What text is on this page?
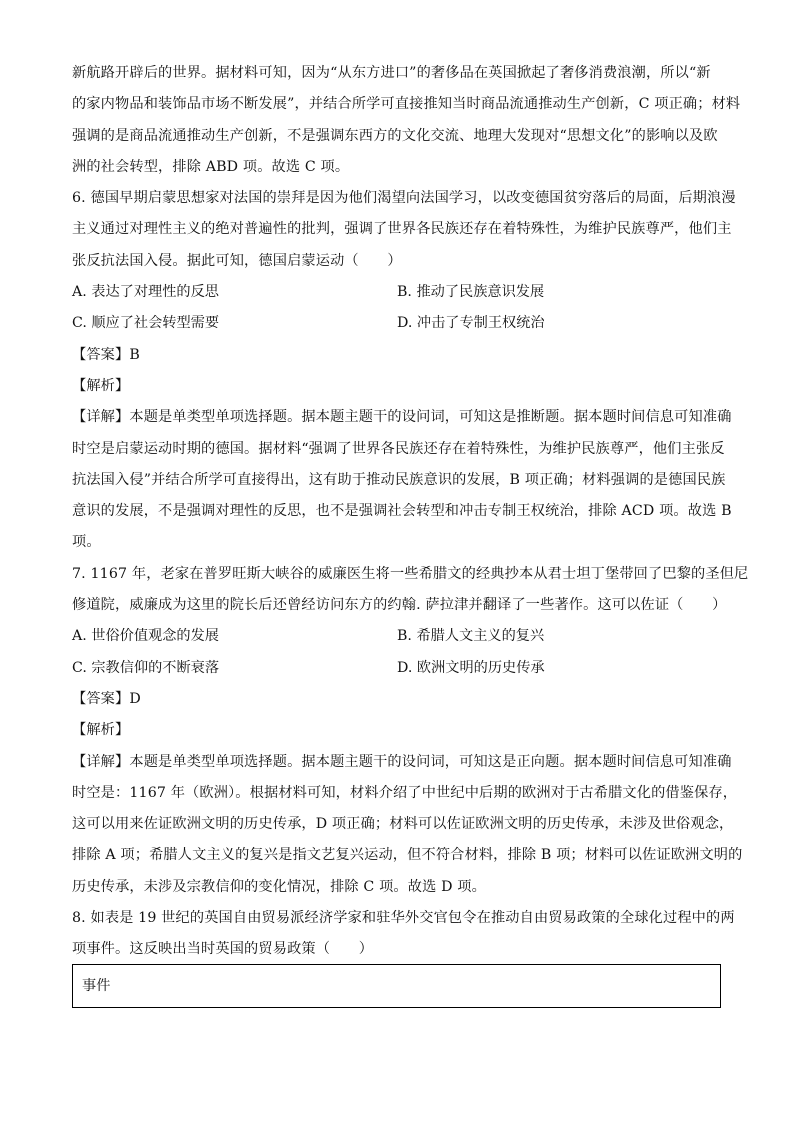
新航路开辟后的世界。据材料可知，因为“从东方进口”的奢侈品在英国掀起了奢侈消费浪潮，所以“新
的家内物品和装饰品市场不断发展”，并结合所学可直接推知当时商品流通推动生产创新，C 项正确；材料
强调的是商品流通推动生产创新，不是强调东西方的文化交流、地理大发现对“思想文化”的影响以及欧
洲的社会转型，排除 ABD 项。故选 C 项。
6. 德国早期启蒙思想家对法国的崇拜是因为他们渴望向法国学习，以改变德国贫穷落后的局面，后期浪漫
主义通过对理性主义的绝对普遍性的批判，强调了世界各民族还存在着特殊性，为维护民族尊严，他们主
张反抗法国入侵。据此可知，德国启蒙运动（　　）
A. 表达了对理性的反思	B. 推动了民族意识发展
C. 顺应了社会转型需要	D. 冲击了专制王权统治
【答案】B
【解析】
【详解】本题是单类型单项选择题。据本题主题干的设问词，可知这是推断题。据本题时间信息可知准确
时空是启蒙运动时期的德国。据材料“强调了世界各民族还存在着特殊性，为维护民族尊严，他们主张反
抗法国入侵”并结合所学可直接得出，这有助于推动民族意识的发展，B 项正确；材料强调的是德国民族
意识的发展，不是强调对理性的反思，也不是强调社会转型和冲击专制王权统治，排除 ACD 项。故选 B
项。
7. 1167 年，老家在普罗旺斯大峡谷的威廉医生将一些希腊文的经典抄本从君士坦丁堡带回了巴黎的圣但尼
修道院，威廉成为这里的院长后还曾经访问东方的约翰. 萨拉津并翻译了一些著作。这可以佐证（　　）
A. 世俗价值观念的发展	B. 希腊人文主义的复兴
C. 宗教信仰的不断衰落	D. 欧洲文明的历史传承
【答案】D
【解析】
【详解】本题是单类型单项选择题。据本题主题干的设问词，可知这是正向题。据本题时间信息可知准确
时空是：1167 年（欧洲）。根据材料可知，材料介绍了中世纪中后期的欧洲对于古希腊文化的借鉴保存，
这可以用来佐证欧洲文明的历史传承，D 项正确；材料可以佐证欧洲文明的历史传承，未涉及世俗观念，
排除 A 项；希腊人文主义的复兴是指文艺复兴运动，但不符合材料，排除 B 项；材料可以佐证欧洲文明的
历史传承，未涉及宗教信仰的变化情况，排除 C 项。故选 D 项。
8. 如表是 19 世纪的英国自由贸易派经济学家和驻华外交官包令在推动自由贸易政策的全球化过程中的两
项事件。这反映出当时英国的贸易政策（　　）
事件
